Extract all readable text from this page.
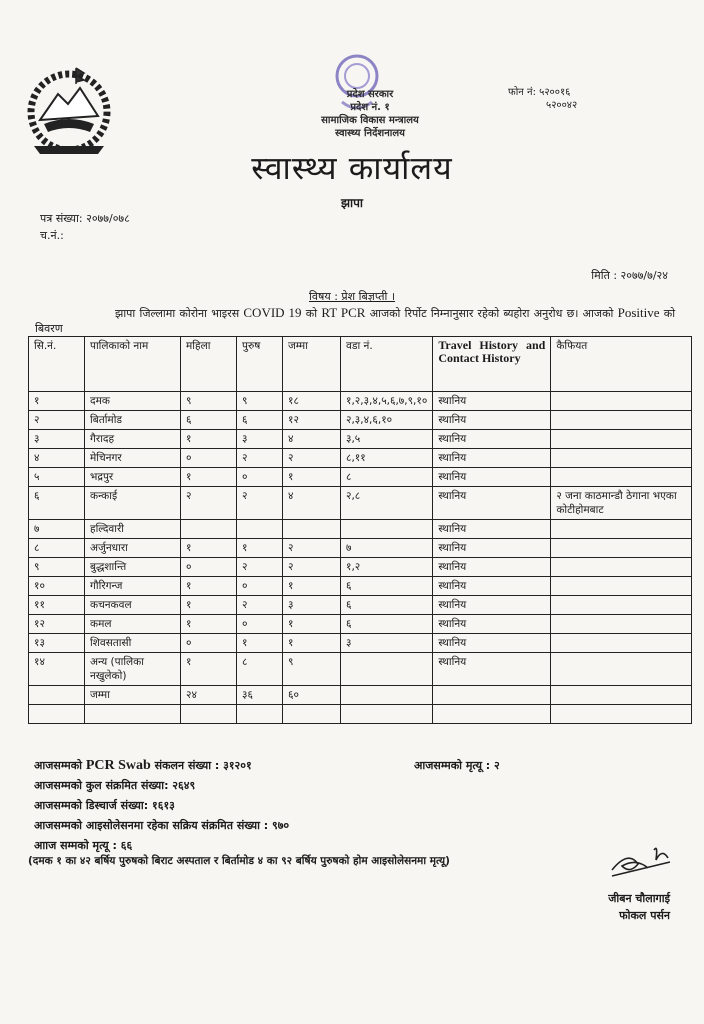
प्रदेश सरकार
प्रदेश नं. १
सामाजिक विकास मन्त्रालय
स्वास्थ्य निर्देशनालय
फोन नं: ५२००१६
५२००४२
स्वास्थ्य कार्यालय
झापा
पत्र संख्या: २०७७/०७८
च.नं.:
मिति : २०७७/७/२४
विषय : प्रेश बिज्ञप्ती ।
झापा जिल्लामा कोरोना भाइरस COVID 19 को RT PCR आजको रिर्पोट निम्नानुसार रहेको ब्यहोरा अनुरोध छ। आजको Positive को बिवरण
सि.नं.	पालिकाको नाम	महिला	पुरुष	जम्मा	वडा नं.	Travel History and Contact History	कैफियत
१	दमक	९	९	१८	१,२,३,४,५,६,७,९,१०	स्थानिय	
२	बिर्तामोड	६	६	१२	२,३,४,६,१०	स्थानिय	
३	गैरादह	१	३	४	३,५	स्थानिय	
४	मेचिनगर	०	२	२	८,११	स्थानिय	
५	भद्रपुर	१	०	१	८	स्थानिय	
६	कन्काई	२	२	४	२,८	स्थानिय	२ जना काठमान्डौ ठेगाना भएका कोटीहोमबाट
७	हल्दिवारी					स्थानिय	
८	अर्जुनधारा	१	१	२	७	स्थानिय	
९	बुद्धशान्ति	०	२	२	१,२	स्थानिय	
१०	गौरिगन्ज	१	०	१	६	स्थानिय	
११	कचनकवल	१	२	३	६	स्थानिय	
१२	कमल	१	०	१	६	स्थानिय	
१३	शिवसतासी	०	१	१	३	स्थानिय	
१४	अन्य (पालिका नखुलेको)	१	८	९		स्थानिय	
	जम्मा	२४	३६	६०			

आजसम्मको PCR Swab संकलन संख्या : ३१२०१
आजसम्मको कुल संक्रमित संख्या: २६४९
आजसम्मको डिस्चार्ज संख्या: १६१३
आजसम्मको आइसोलेसनमा रहेका सक्रिय संक्रमित संख्या : ९७०
आाज सम्मको मृत्यू : ६६
आजसम्मको मृत्यू : २
(दमक १ का ४२ बर्षिय पुरुषको बिराट अस्पताल र बिर्तामोड ४ का ९२ बर्षिय पुरुषको होम आइसोलेसनमा मृत्यू)
जीबन चौलागाई
फोकल पर्सन
